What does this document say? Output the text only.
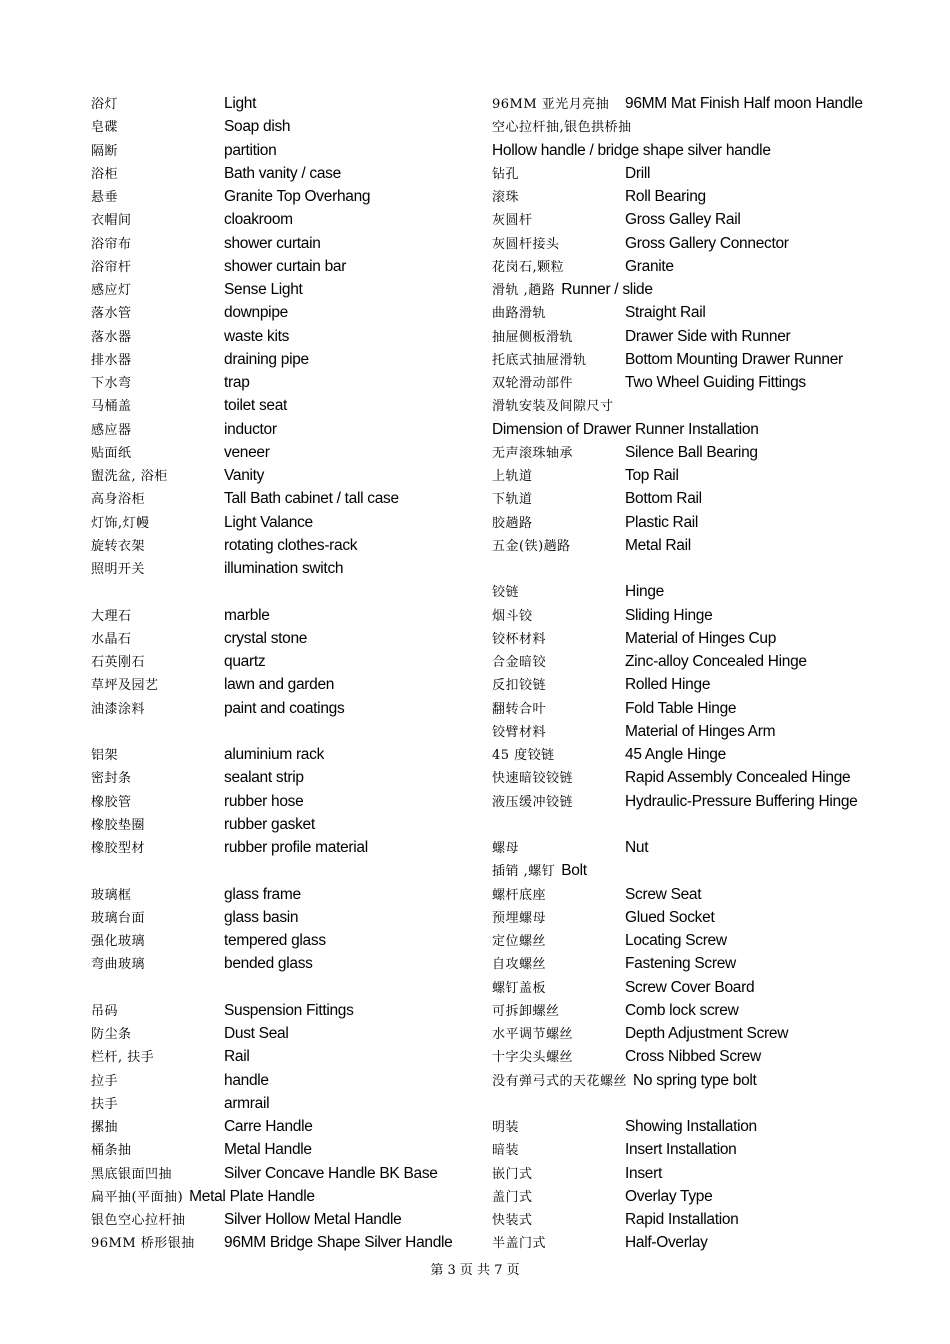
浴灯	Light
皂碟	Soap dish
隔断	partition
浴柜	Bath vanity / case
悬垂	Granite Top Overhang
衣帽间	cloakroom
浴帘布	shower curtain
浴帘杆	shower curtain bar
感应灯	Sense Light
落水管	downpipe
落水器	waste kits
排水器	draining pipe
下水弯	trap
马桶盖	toilet seat
感应器	inductor
贴面纸	veneer
盥洗盆, 浴柜	Vanity
高身浴柜	Tall Bath cabinet / tall case
灯饰,灯幔	Light Valance
旋转衣架	rotating clothes-rack
照明开关	illumination switch
大理石	marble
水晶石	crystal stone
石英刚石	quartz
草坪及园艺	lawn and garden
油漆涂料	paint and coatings
铝架	aluminium rack
密封条	sealant strip
橡胶管	rubber hose
橡胶垫圈	rubber gasket
橡胶型材	rubber profile material
玻璃框	glass frame
玻璃台面	glass basin
强化玻璃	tempered glass
弯曲玻璃	bended glass
吊码	Suspension Fittings
防尘条	Dust Seal
栏杆, 扶手	Rail
拉手	handle
扶手	armrail
摞抽	Carre Handle
桶条抽	Metal Handle
黑底银面凹抽	Silver Concave Handle BK Base
扁平抽(平面抽) Metal Plate Handle
银色空心拉杆抽 Silver Hollow Metal Handle
96MM 桥形银抽 96MM Bridge Shape Silver Handle
96MM 亚光月亮抽 96MM Mat Finish Half moon Handle
空心拉杆抽,银色拱桥抽
Hollow handle / bridge shape silver handle
钻孔	Drill
滚珠	Roll Bearing
灰圆杆	Gross Galley Rail
灰圆杆接头	Gross Gallery Connector
花岗石,颗粒	Granite
滑轨 ,趟路 Runner / slide
曲路滑轨	Straight Rail
抽屉侧板滑轨	Drawer Side with Runner
托底式抽屉滑轨 Bottom Mounting Drawer Runner
双轮滑动部件	Two Wheel Guiding Fittings
滑轨安装及间隙尺寸
Dimension of Drawer Runner Installation
无声滚珠轴承	Silence Ball Bearing
上轨道	Top Rail
下轨道	Bottom Rail
胶趟路	Plastic Rail
五金(铁)趟路	Metal Rail
铰链	Hinge
烟斗铰	Sliding Hinge
铰杯材料	Material of Hinges Cup
合金暗铰	Zinc-alloy Concealed Hinge
反扣铰链	Rolled Hinge
翻转合叶	Fold Table Hinge
铰臂材料	Material of Hinges Arm
45 度铰链	45 Angle Hinge
快速暗铰铰链	Rapid Assembly Concealed Hinge
液压缓冲铰链	Hydraulic-Pressure Buffering Hinge
螺母	Nut
插销 ,螺钉 Bolt
螺杆底座	Screw Seat
预埋螺母	Glued Socket
定位螺丝	Locating Screw
自攻螺丝	Fastening Screw
螺钉盖板	Screw Cover Board
可拆卸螺丝	Comb lock screw
水平调节螺丝	Depth Adjustment Screw
十字尖头螺丝	Cross Nibbed Screw
没有弹弓式的天花螺丝 No spring type bolt
明装	Showing Installation
暗装	Insert Installation
嵌门式	Insert
盖门式	Overlay Type
快装式	Rapid Installation
半盖门式	Half-Overlay
第 3 页 共 7 页
